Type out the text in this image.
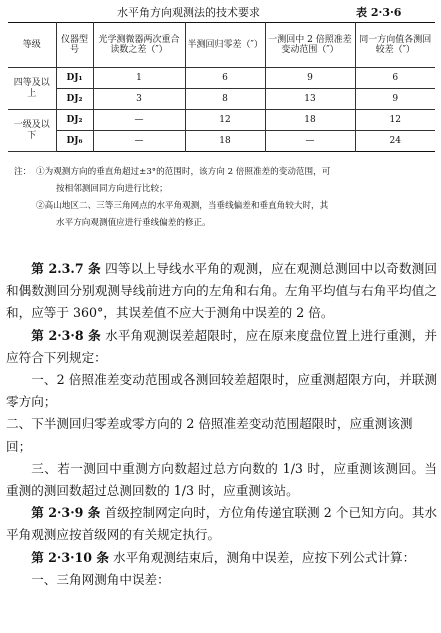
水平角方向观测法的技术要求	表 2·3·6
等级	仪器型号	光学测微器两次重合读数之差（″）	半测回归零差（″）	一测回中 2 倍照准差变动范围（″）	同一方向值各测回较差（″）
四等及以　上	DJ₁	1	6	9	6
	DJ₂	3	8	13	9
一级及以　下	DJ₂	—	12	18	12
	DJ₆	—	18	—	24
注： ①为观测方向的垂直角超过±3°的范围时，该方向 2 倍照准差的变动范围，可
按相邻测回同方向进行比较；
②高山地区二、三等三角网点的水平角观测，当垂线偏差和垂直角较大时，其
水平方向观测值应进行垂线偏差的修正。

第 2.3.7 条 四等以上导线水平角的观测，应在观测总测回中以奇数测回和偶数测回分别观测导线前进方向的左角和右角。左角平均值与右角平均值之和，应等于 360°，其误差值不应大于测角中误差的 2 倍。

第 2·3·8 条 水平角观测误差超限时，应在原来度盘位置上进行重测，并应符合下列规定：

一、2 倍照准差变动范围或各测回较差超限时，应重测超限方向，并联测零方向；

二、下半测回归零差或零方向的 2 倍照准差变动范围超限时，应重测该测回；

三、若一测回中重测方向数超过总方向数的 1/3 时，应重测该测回。当重测的测回数超过总测回数的 1/3 时，应重测该站。

第 2·3·9 条 首级控制网定向时，方位角传递宜联测 2 个已知方向。其水平角观测应按首级网的有关规定执行。

第 2·3·10 条 水平角观测结束后，测角中误差，应按下列公式计算：

一、三角网测角中误差：
